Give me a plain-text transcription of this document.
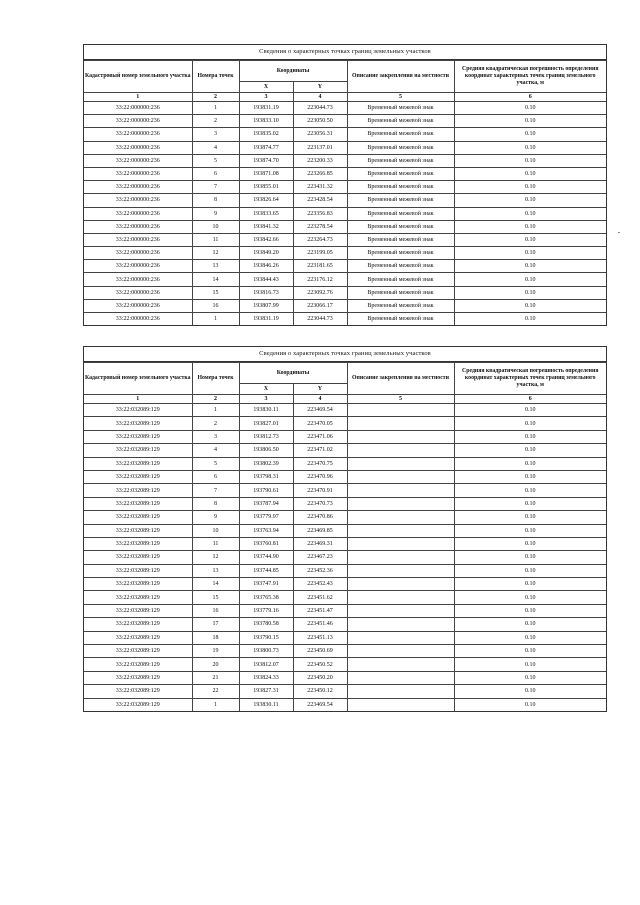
Сведения о характерных точках границ земельных участков
Кадастровый номер земельного участка	Номера точек	Координаты		Описание закрепления на местности	Средняя квадратическая погрешность определения координат характерных точек границ земельного участка, м
		X	Y		
1	2	3	4	5	6
33:22:000000:236	1	193831.19	223044.73	Временный межевой знак	0.10
33:22:000000:236	2	193833.10	223050.50	Временный межевой знак	0.10
33:22:000000:236	3	193835.02	223056.31	Временный межевой знак	0.10
33:22:000000:236	4	193874.77	223137.01	Временный межевой знак	0.10
33:22:000000:236	5	193874.70	223200.33	Временный межевой знак	0.10
33:22:000000:236	6	193871.08	223266.85	Временный межевой знак	0.10
33:22:000000:236	7	193855.01	223431.32	Временный межевой знак	0.10
33:22:000000:236	8	193826.64	223428.54	Временный межевой знак	0.10
33:22:000000:236	9	193833.65	223356.83	Временный межевой знак	0.10
33:22:000000:236	10	193841.32	223278.54	Временный межевой знак	0.10
33:22:000000:236	11	193842.66	223264.73	Временный межевой знак	0.10
33:22:000000:236	12	193849.20	223199.05	Временный межевой знак	0.10
33:22:000000:236	13	193846.26	223181.65	Временный межевой знак	0.10
33:22:000000:236	14	193844.43	223176.12	Временный межевой знак	0.10
33:22:000000:236	15	193816.73	223092.76	Временный межевой знак	0.10
33:22:000000:236	16	193807.99	223066.17	Временный межевой знак	0.10
33:22:000000:236	1	193831.19	223044.73	Временный межевой знак	0.10
Сведения о характерных точках границ земельных участков
Кадастровый номер земельного участка	Номера точек	Координаты		Описание закрепления на местности	Средняя квадратическая погрешность определения координат характерных точек границ земельного участка, м
		X	Y		
1	2	3	4	5	6
33:22:032089:129	1	193830.11	223469.54		0.10
33:22:032089:129	2	193827.01	223470.05		0.10
33:22:032089:129	3	193812.73	223471.06		0.10
33:22:032089:129	4	193806.50	223471.02		0.10
33:22:032089:129	5	193802.39	223470.75		0.10
33:22:032089:129	6	193798.31	223470.96		0.10
33:22:032089:129	7	193790.61	223470.91		0.10
33:22:032089:129	8	193787.94	223470.73		0.10
33:22:032089:129	9	193779.97	223470.86		0.10
33:22:032089:129	10	193763.94	223469.85		0.10
33:22:032089:129	11	193760.81	223469.31		0.10
33:22:032089:129	12	193744.90	223467.23		0.10
33:22:032089:129	13	193744.85	223452.36		0.10
33:22:032089:129	14	193747.91	223452.43		0.10
33:22:032089:129	15	193765.38	223451.62		0.10
33:22:032089:129	16	193779.16	223451.47		0.10
33:22:032089:129	17	193780.58	223451.46		0.10
33:22:032089:129	18	193790.15	223451.13		0.10
33:22:032089:129	19	193800.73	223450.69		0.10
33:22:032089:129	20	193812.07	223450.52		0.10
33:22:032089:129	21	193824.33	223450.20		0.10
33:22:032089:129	22	193827.31	223450.12		0.10
33:22:032089:129	1	193830.11	223469.54		0.10
